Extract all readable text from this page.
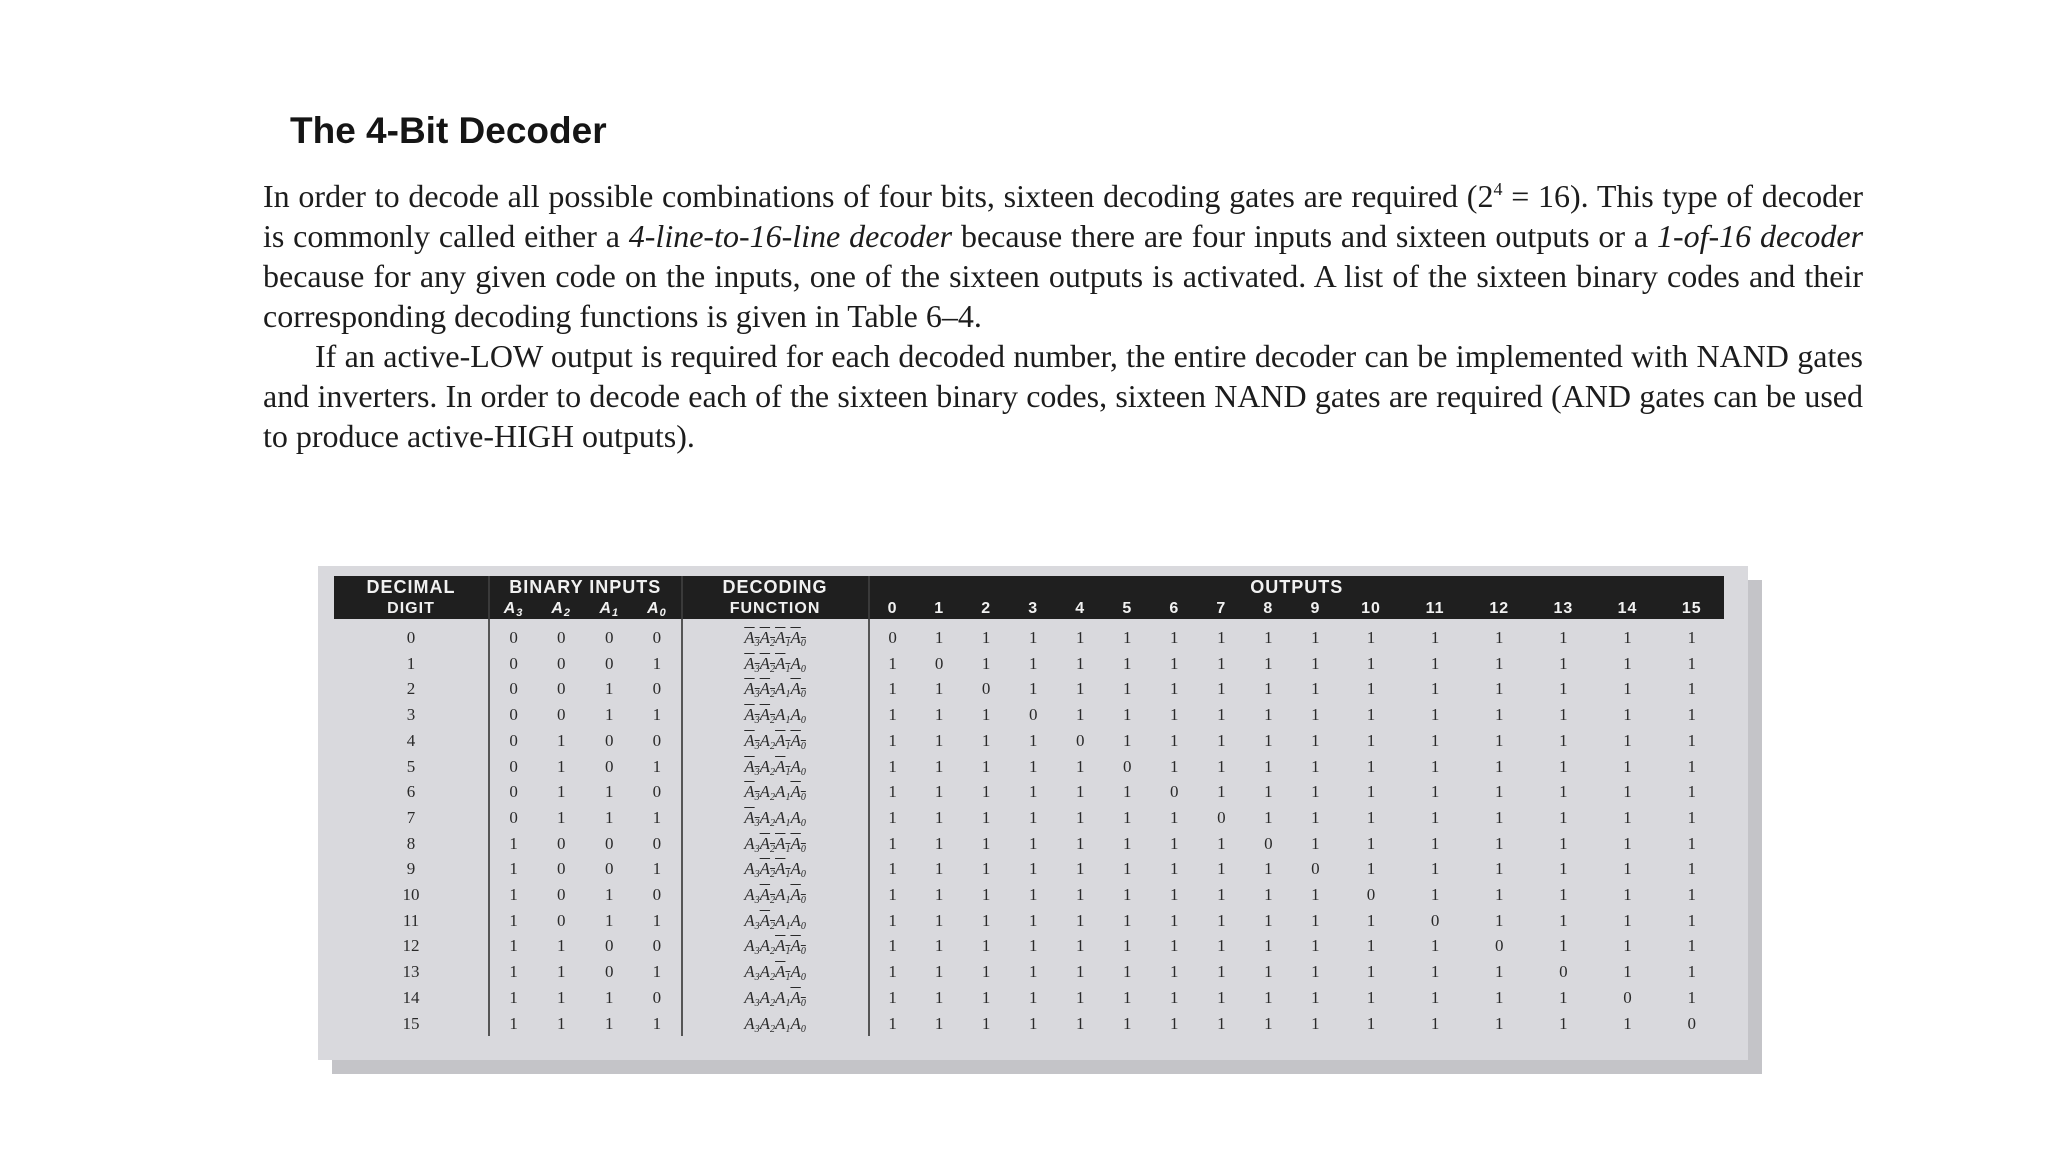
The 4-Bit Decoder

In order to decode all possible combinations of four bits, sixteen decoding gates are required $(2^4 = 16)$. This type of decoder is commonly called either a 4-line-to-16-line decoder because there are four inputs and sixteen outputs or a 1-of-16 decoder because for any given code on the inputs, one of the sixteen outputs is activated. A list of the sixteen binary codes and their corresponding decoding functions is given in Table 6–4.

If an active-LOW output is required for each decoded number, the entire decoder can be implemented with NAND gates and inverters. In order to decode each of the sixteen binary codes, sixteen NAND gates are required (AND gates can be used to produce active-HIGH outputs).

DECIMAL	BINARY INPUTS				DECODING	OUTPUTS															
DIGIT	$A_3$	$A_2$	$A_1$	$A_0$	FUNCTION	0	1	2	3	4	5	6	7	8	9	10	11	12	13	14	15
0	0	0	0	0	$A_3A_2A_1A_0$	0	1	1	1	1	1	1	1	1	1	1	1	1	1	1	1
1	0	0	0	1	$A_3A_2A_1A_0$	1	0	1	1	1	1	1	1	1	1	1	1	1	1	1	1
2	0	0	1	0	$A_3A_2A_1A_0$	1	1	0	1	1	1	1	1	1	1	1	1	1	1	1	1
3	0	0	1	1	$A_3A_2A_1A_0$	1	1	1	0	1	1	1	1	1	1	1	1	1	1	1	1
4	0	1	0	0	$A_3A_2A_1A_0$	1	1	1	1	0	1	1	1	1	1	1	1	1	1	1	1
5	0	1	0	1	$A_3A_2A_1A_0$	1	1	1	1	1	0	1	1	1	1	1	1	1	1	1	1
6	0	1	1	0	$A_3A_2A_1A_0$	1	1	1	1	1	1	0	1	1	1	1	1	1	1	1	1
7	0	1	1	1	$A_3A_2A_1A_0$	1	1	1	1	1	1	1	0	1	1	1	1	1	1	1	1
8	1	0	0	0	$A_3A_2A_1A_0$	1	1	1	1	1	1	1	1	0	1	1	1	1	1	1	1
9	1	0	0	1	$A_3A_2A_1A_0$	1	1	1	1	1	1	1	1	1	0	1	1	1	1	1	1
10	1	0	1	0	$A_3A_2A_1A_0$	1	1	1	1	1	1	1	1	1	1	0	1	1	1	1	1
11	1	0	1	1	$A_3A_2A_1A_0$	1	1	1	1	1	1	1	1	1	1	1	0	1	1	1	1
12	1	1	0	0	$A_3A_2A_1A_0$	1	1	1	1	1	1	1	1	1	1	1	1	0	1	1	1
13	1	1	0	1	$A_3A_2A_1A_0$	1	1	1	1	1	1	1	1	1	1	1	1	1	0	1	1
14	1	1	1	0	$A_3A_2A_1A_0$	1	1	1	1	1	1	1	1	1	1	1	1	1	1	0	1
15	1	1	1	1	$A_3A_2A_1A_0$	1	1	1	1	1	1	1	1	1	1	1	1	1	1	1	0
